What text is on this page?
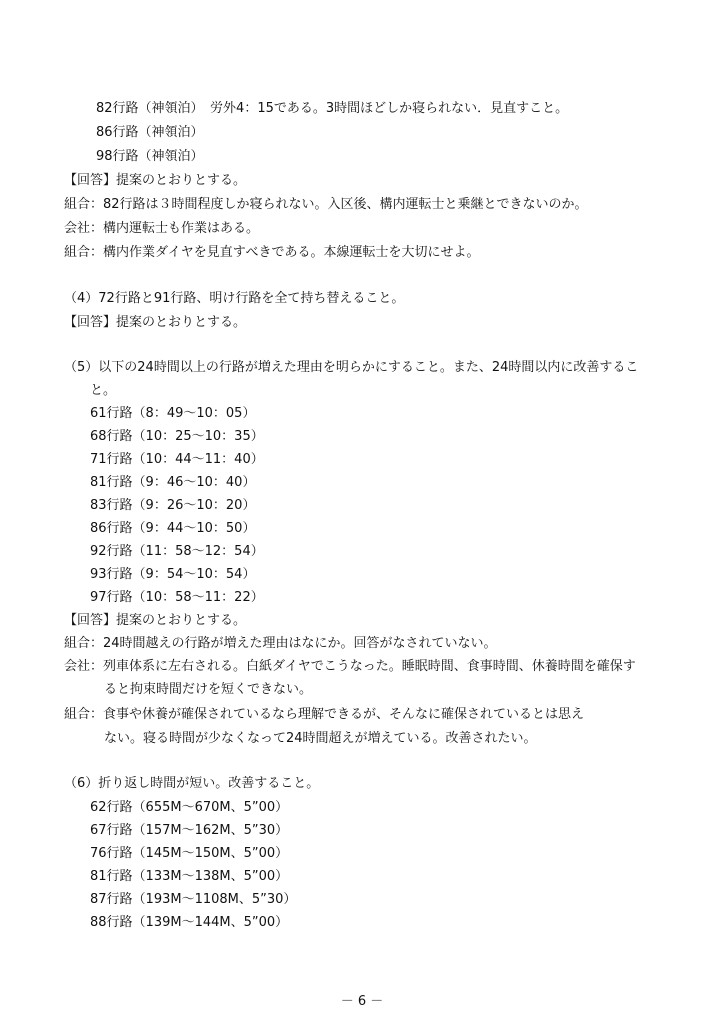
82行路（神領泊）　労外4：15である。3時間ほどしか寝られない．見直すこと。
86行路（神領泊）
98行路（神領泊）
【回答】提案のとおりとする。
組合：82行路は３時間程度しか寝られない。入区後、構内運転士と乗継とできないのか。
会社：構内運転士も作業はある。
組合：構内作業ダイヤを見直すべきである。本線運転士を大切にせよ。
（4）72行路と91行路、明け行路を全て持ち替えること。
【回答】提案のとおりとする。
（5）以下の24時間以上の行路が増えた理由を明らかにすること。また、24時間以内に改善するこ
と。
61行路（8：49～10：05）
68行路（10：25～10：35）
71行路（10：44～11：40）
81行路（9：46～10：40）
83行路（9：26～10：20）
86行路（9：44～10：50）
92行路（11：58～12：54）
93行路（9：54～10：54）
97行路（10：58～11：22）
【回答】提案のとおりとする。
組合：24時間越えの行路が増えた理由はなにか。回答がなされていない。
会社：列車体系に左右される。白紙ダイヤでこうなった。睡眠時間、食事時間、休養時間を確保す
ると拘束時間だけを短くできない。
組合：食事や休養が確保されているなら理解できるが、そんなに確保されているとは思え
ない。寝る時間が少なくなって24時間超えが増えている。改善されたい。
（6）折り返し時間が短い。改善すること。
62行路（655M～670M、5”00）
67行路（157M～162M、5”30）
76行路（145M～150M、5”00）
81行路（133M～138M、5”00）
87行路（193M～1108M、5”30）
88行路（139M～144M、5”00）
－ 6 －
